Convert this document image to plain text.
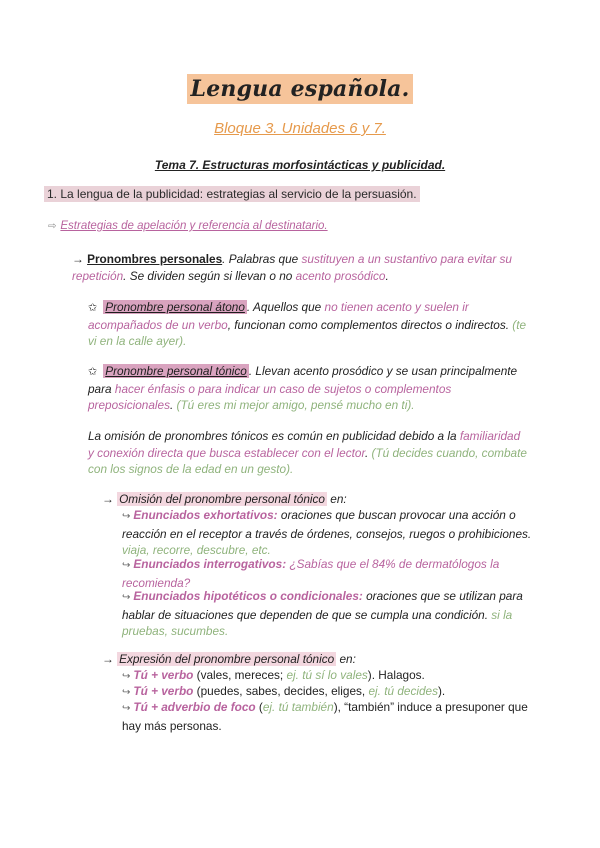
Lengua española.
Bloque 3. Unidades 6 y 7.
Tema 7. Estructuras morfosintácticas y publicidad.
1. La lengua de la publicidad: estrategias al servicio de la persuasión.
⇨ Estrategias de apelación y referencia al destinatario.
→ Pronombres personales. Palabras que sustituyen a un sustantivo para evitar su repetición. Se dividen según si llevan o no acento prosódico.
✩ Pronombre personal átono . Aquellos que no tienen acento y suelen ir acompañados de un verbo, funcionan como complementos directos o indirectos. (te vi en la calle ayer).
✩ Pronombre personal tónico . Llevan acento prosódico y se usan principalmente para hacer énfasis o para indicar un caso de sujetos o complementos preposicionales. (Tú eres mi mejor amigo, pensé mucho en ti).
La omisión de pronombres tónicos es común en publicidad debido a la familiaridad y conexión directa que busca establecer con el lector. (Tú decides cuando, combate con los signos de la edad en un gesto).
→ Omisión del pronombre personal tónico en:
↪ Enunciados exhortativos: oraciones que buscan provocar una acción o reacción en el receptor a través de órdenes, consejos, ruegos o prohibiciones. viaja, recorre, descubre, etc.
↪ Enunciados interrogativos: ¿Sabías que el 84% de dermatólogos la recomienda?
↪ Enunciados hipotéticos o condicionales: oraciones que se utilizan para hablar de situaciones que dependen de que se cumpla una condición. si la pruebas, sucumbes.
→ Expresión del pronombre personal tónico en:
↪ Tú + verbo (vales, mereces; ej. tú sí lo vales). Halagos.
↪ Tú + verbo (puedes, sabes, decides, eliges, ej. tú decides).
↪ Tú + adverbio de foco (ej. tú también), “también” induce a presuponer que hay más personas.
